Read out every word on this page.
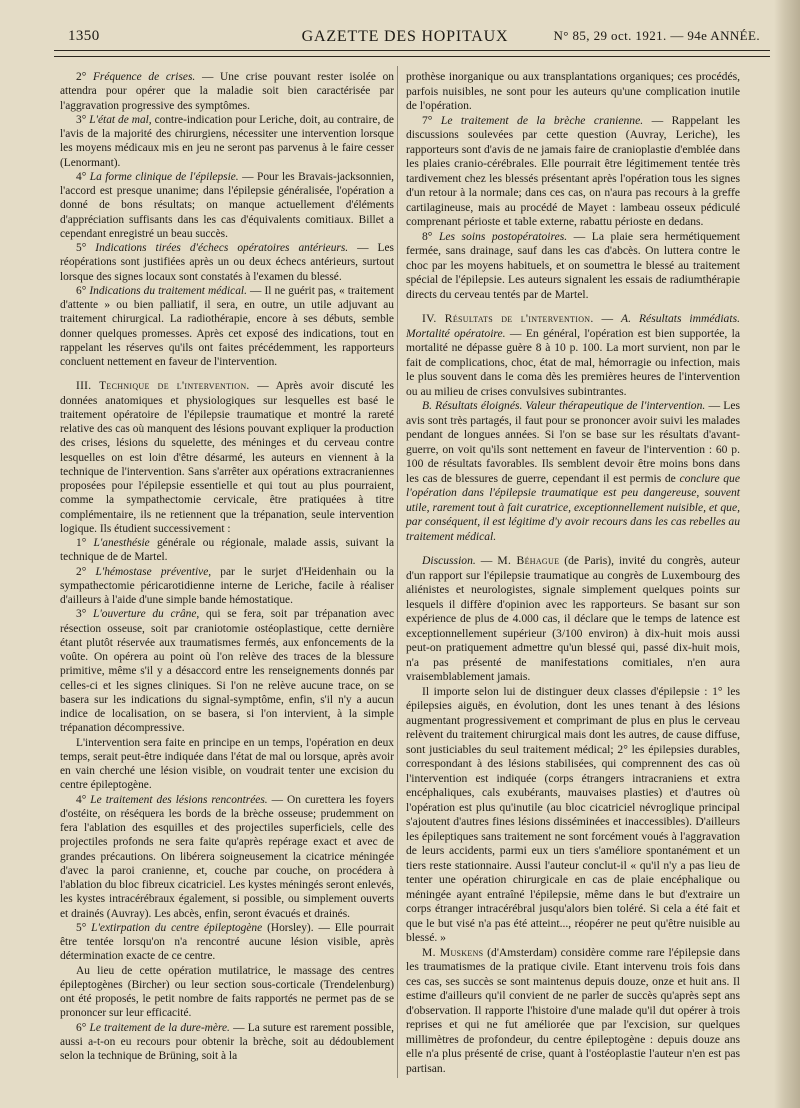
1350	GAZETTE DES HOPITAUX	N° 85, 29 oct. 1921. — 94e ANNÉE.

2° Fréquence de crises. — Une crise pouvant rester isolée on attendra pour opérer que la maladie soit bien caractérisée par l'aggravation progressive des symptômes.

3° L'état de mal, contre-indication pour Leriche, doit, au contraire, de l'avis de la majorité des chirurgiens, nécessiter une intervention lorsque les moyens médicaux mis en jeu ne seront pas parvenus à le faire cesser (Lenormant).

4° La forme clinique de l'épilepsie. — Pour les Bravais-jacksonnien, l'accord est presque unanime; dans l'épilepsie généralisée, l'opération a donné de bons résultats; on manque actuellement d'éléments d'appréciation suffisants dans les cas d'équivalents comitiaux. Billet a cependant enregistré un beau succès.

5° Indications tirées d'échecs opératoires antérieurs. — Les réopérations sont justifiées après un ou deux échecs antérieurs, surtout lorsque des signes locaux sont constatés à l'examen du blessé.

6° Indications du traitement médical. — Il ne guérit pas, « traitement d'attente » ou bien palliatif, il sera, en outre, un utile adjuvant au traitement chirurgical. La radiothérapie, encore à ses débuts, semble donner quelques promesses. Après cet exposé des indications, tout en rappelant les réserves qu'ils ont faites précédemment, les rapporteurs concluent nettement en faveur de l'intervention.

III. Technique de l'intervention. — Après avoir discuté les données anatomiques et physiologiques sur lesquelles est basé le traitement opératoire de l'épilepsie traumatique et montré la rareté relative des cas où manquent des lésions pouvant expliquer la production des crises, lésions du squelette, des méninges et du cerveau contre lesquelles on est loin d'être désarmé, les auteurs en viennent à la technique de l'intervention. Sans s'arrêter aux opérations extracraniennes proposées pour l'épilepsie essentielle et qui tout au plus pourraient, comme la sympathectomie cervicale, être pratiquées à titre complémentaire, ils ne retiennent que la trépanation, seule intervention logique. Ils étudient successivement :

1° L'anesthésie générale ou régionale, malade assis, suivant la technique de de Martel.

2° L'hémostase préventive, par le surjet d'Heidenhain ou la sympathectomie péricarotidienne interne de Leriche, facile à réaliser d'ailleurs à l'aide d'une simple bande hémostatique.

3° L'ouverture du crâne, qui se fera, soit par trépanation avec résection osseuse, soit par craniotomie ostéoplastique, cette dernière étant plutôt réservée aux traumatismes fermés, aux enfoncements de la voûte. On opérera au point où l'on relève des traces de la blessure primitive, même s'il y a désaccord entre les renseignements donnés par celles-ci et les signes cliniques. Si l'on ne relève aucune trace, on se basera sur les indications du signal-symptôme, enfin, s'il n'y a aucun indice de localisation, on se basera, si l'on intervient, à la simple trépanation décompressive.

L'intervention sera faite en principe en un temps, l'opération en deux temps, serait peut-être indiquée dans l'état de mal ou lorsque, après avoir en vain cherché une lésion visible, on voudrait tenter une excision du centre épileptogène.

4° Le traitement des lésions rencontrées. — On curettera les foyers d'ostéite, on réséquera les bords de la brèche osseuse; prudemment on fera l'ablation des esquilles et des projectiles superficiels, celle des projectiles profonds ne sera faite qu'après repérage exact et avec de grandes précautions. On libérera soigneusement la cicatrice méningée d'avec la paroi cranienne, et, couche par couche, on procédera à l'ablation du bloc fibreux cicatriciel. Les kystes méningés seront enlevés, les kystes intracérébraux également, si possible, ou simplement ouverts et drainés (Auvray). Les abcès, enfin, seront évacués et drainés.

5° L'extirpation du centre épileptogène (Horsley). — Elle pourrait être tentée lorsqu'on n'a rencontré aucune lésion visible, après détermination exacte de ce centre.

Au lieu de cette opération mutilatrice, le massage des centres épileptogènes (Bircher) ou leur section sous-corticale (Trendelenburg) ont été proposés, le petit nombre de faits rapportés ne permet pas de se prononcer sur leur efficacité.

6° Le traitement de la dure-mère. — La suture est rarement possible, aussi a-t-on eu recours pour obtenir la brèche, soit au dédoublement selon la technique de Brüning, soit à la

prothèse inorganique ou aux transplantations organiques; ces procédés, parfois nuisibles, ne sont pour les auteurs qu'une complication inutile de l'opération.

7° Le traitement de la brèche cranienne. — Rappelant les discussions soulevées par cette question (Auvray, Leriche), les rapporteurs sont d'avis de ne jamais faire de cranioplastie d'emblée dans les plaies cranio-cérébrales. Elle pourrait être légitimement tentée très tardivement chez les blessés présentant après l'opération tous les signes d'un retour à la normale; dans ces cas, on n'aura pas recours à la greffe cartilagineuse, mais au procédé de Mayet : lambeau osseux pédiculé comprenant périoste et table externe, rabattu périoste en dedans.

8° Les soins postopératoires. — La plaie sera hermétiquement fermée, sans drainage, sauf dans les cas d'abcès. On luttera contre le choc par les moyens habituels, et on soumettra le blessé au traitement spécial de l'épilepsie. Les auteurs signalent les essais de radiumthérapie directs du cerveau tentés par de Martel.

IV. Résultats de l'intervention. — A. Résultats immédiats. Mortalité opératoire. — En général, l'opération est bien supportée, la mortalité ne dépasse guère 8 à 10 p. 100. La mort survient, non par le fait de complications, choc, état de mal, hémorragie ou infection, mais le plus souvent dans le coma dès les premières heures de l'intervention ou au milieu de crises convulsives subintrantes.

B. Résultats éloignés. Valeur thérapeutique de l'intervention. — Les avis sont très partagés, il faut pour se prononcer avoir suivi les malades pendant de longues années. Si l'on se base sur les résultats d'avant-guerre, on voit qu'ils sont nettement en faveur de l'intervention : 60 p. 100 de résultats favorables. Ils semblent devoir être moins bons dans les cas de blessures de guerre, cependant il est permis de conclure que l'opération dans l'épilepsie traumatique est peu dangereuse, souvent utile, rarement tout à fait curatrice, exceptionnellement nuisible, et que, par conséquent, il est légitime d'y avoir recours dans les cas rebelles au traitement médical.

Discussion. — M. Béhague (de Paris), invité du congrès, auteur d'un rapport sur l'épilepsie traumatique au congrès de Luxembourg des aliénistes et neurologistes, signale simplement quelques points sur lesquels il diffère d'opinion avec les rapporteurs. Se basant sur son expérience de plus de 4.000 cas, il déclare que le temps de latence est exceptionnellement supérieur (3/100 environ) à dix-huit mois aussi peut-on pratiquement admettre qu'un blessé qui, passé dix-huit mois, n'a pas présenté de manifestations comitiales, n'en aura vraisemblablement jamais.

Il importe selon lui de distinguer deux classes d'épilepsie : 1° les épilepsies aiguës, en évolution, dont les unes tenant à des lésions augmentant progressivement et comprimant de plus en plus le cerveau relèvent du traitement chirurgical mais dont les autres, de cause diffuse, sont justiciables du seul traitement médical; 2° les épilepsies durables, correspondant à des lésions stabilisées, qui comprennent des cas où l'intervention est indiquée (corps étrangers intracraniens et extra encéphaliques, cals exubérants, mauvaises plasties) et d'autres où l'opération est plus qu'inutile (au bloc cicatriciel névroglique principal s'ajoutent d'autres fines lésions disséminées et inaccessibles). D'ailleurs les épileptiques sans traitement ne sont forcément voués à l'aggravation de leurs accidents, parmi eux un tiers s'améliore spontanément et un tiers reste stationnaire. Aussi l'auteur conclut-il « qu'il n'y a pas lieu de tenter une opération chirurgicale en cas de plaie encéphalique ou méningée ayant entraîné l'épilepsie, même dans le but d'extraire un corps étranger intracérébral jusqu'alors bien toléré. Si cela a été fait et que le but visé n'a pas été atteint..., réopérer ne peut qu'être nuisible au blessé. »

M. Muskens (d'Amsterdam) considère comme rare l'épilepsie dans les traumatismes de la pratique civile. Etant intervenu trois fois dans ces cas, ses succès se sont maintenus depuis douze, onze et huit ans. Il estime d'ailleurs qu'il convient de ne parler de succès qu'après sept ans d'observation. Il rapporte l'histoire d'une malade qu'il dut opérer à trois reprises et qui ne fut améliorée que par l'excision, sur quelques millimètres de profondeur, du centre épileptogène : depuis douze ans elle n'a plus présenté de crise, quant à l'ostéoplastie l'auteur n'en est pas partisan.
